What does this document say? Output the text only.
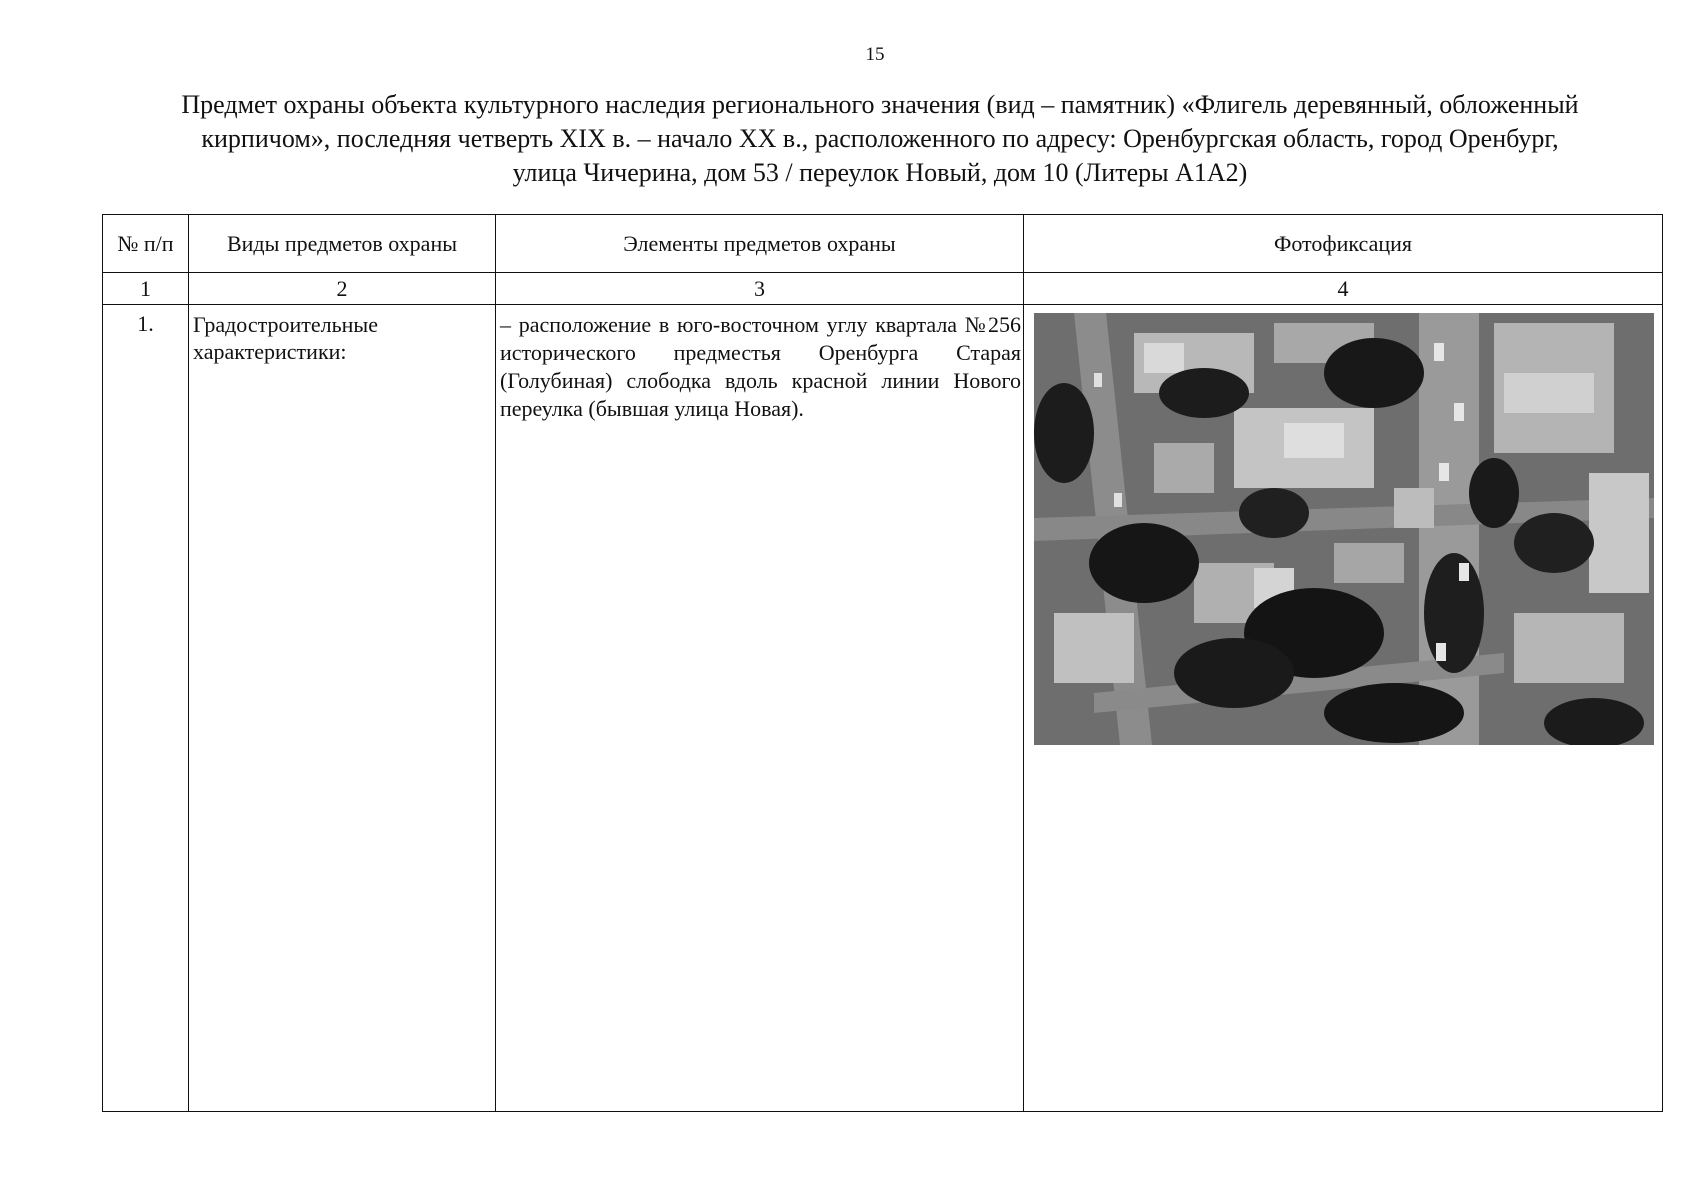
15
Предмет охраны объекта культурного наследия регионального значения (вид – памятник) «Флигель деревянный, обложенный
кирпичом», последняя четверть XIX в. – начало XX в., расположенного по адресу: Оренбургская область, город Оренбург,
улица Чичерина, дом 53 / переулок Новый, дом 10 (Литеры А1А2)
№ п/п	Виды предметов охраны	Элементы предметов охраны	Фотофиксация
1	2	3	4
1.	Градостроительные характеристики:	– расположение в юго-восточном углу квартала №256 исторического предместья Оренбурга Старая (Голубиная) слободка вдоль красной линии Нового переулка (бывшая улица Новая).	
